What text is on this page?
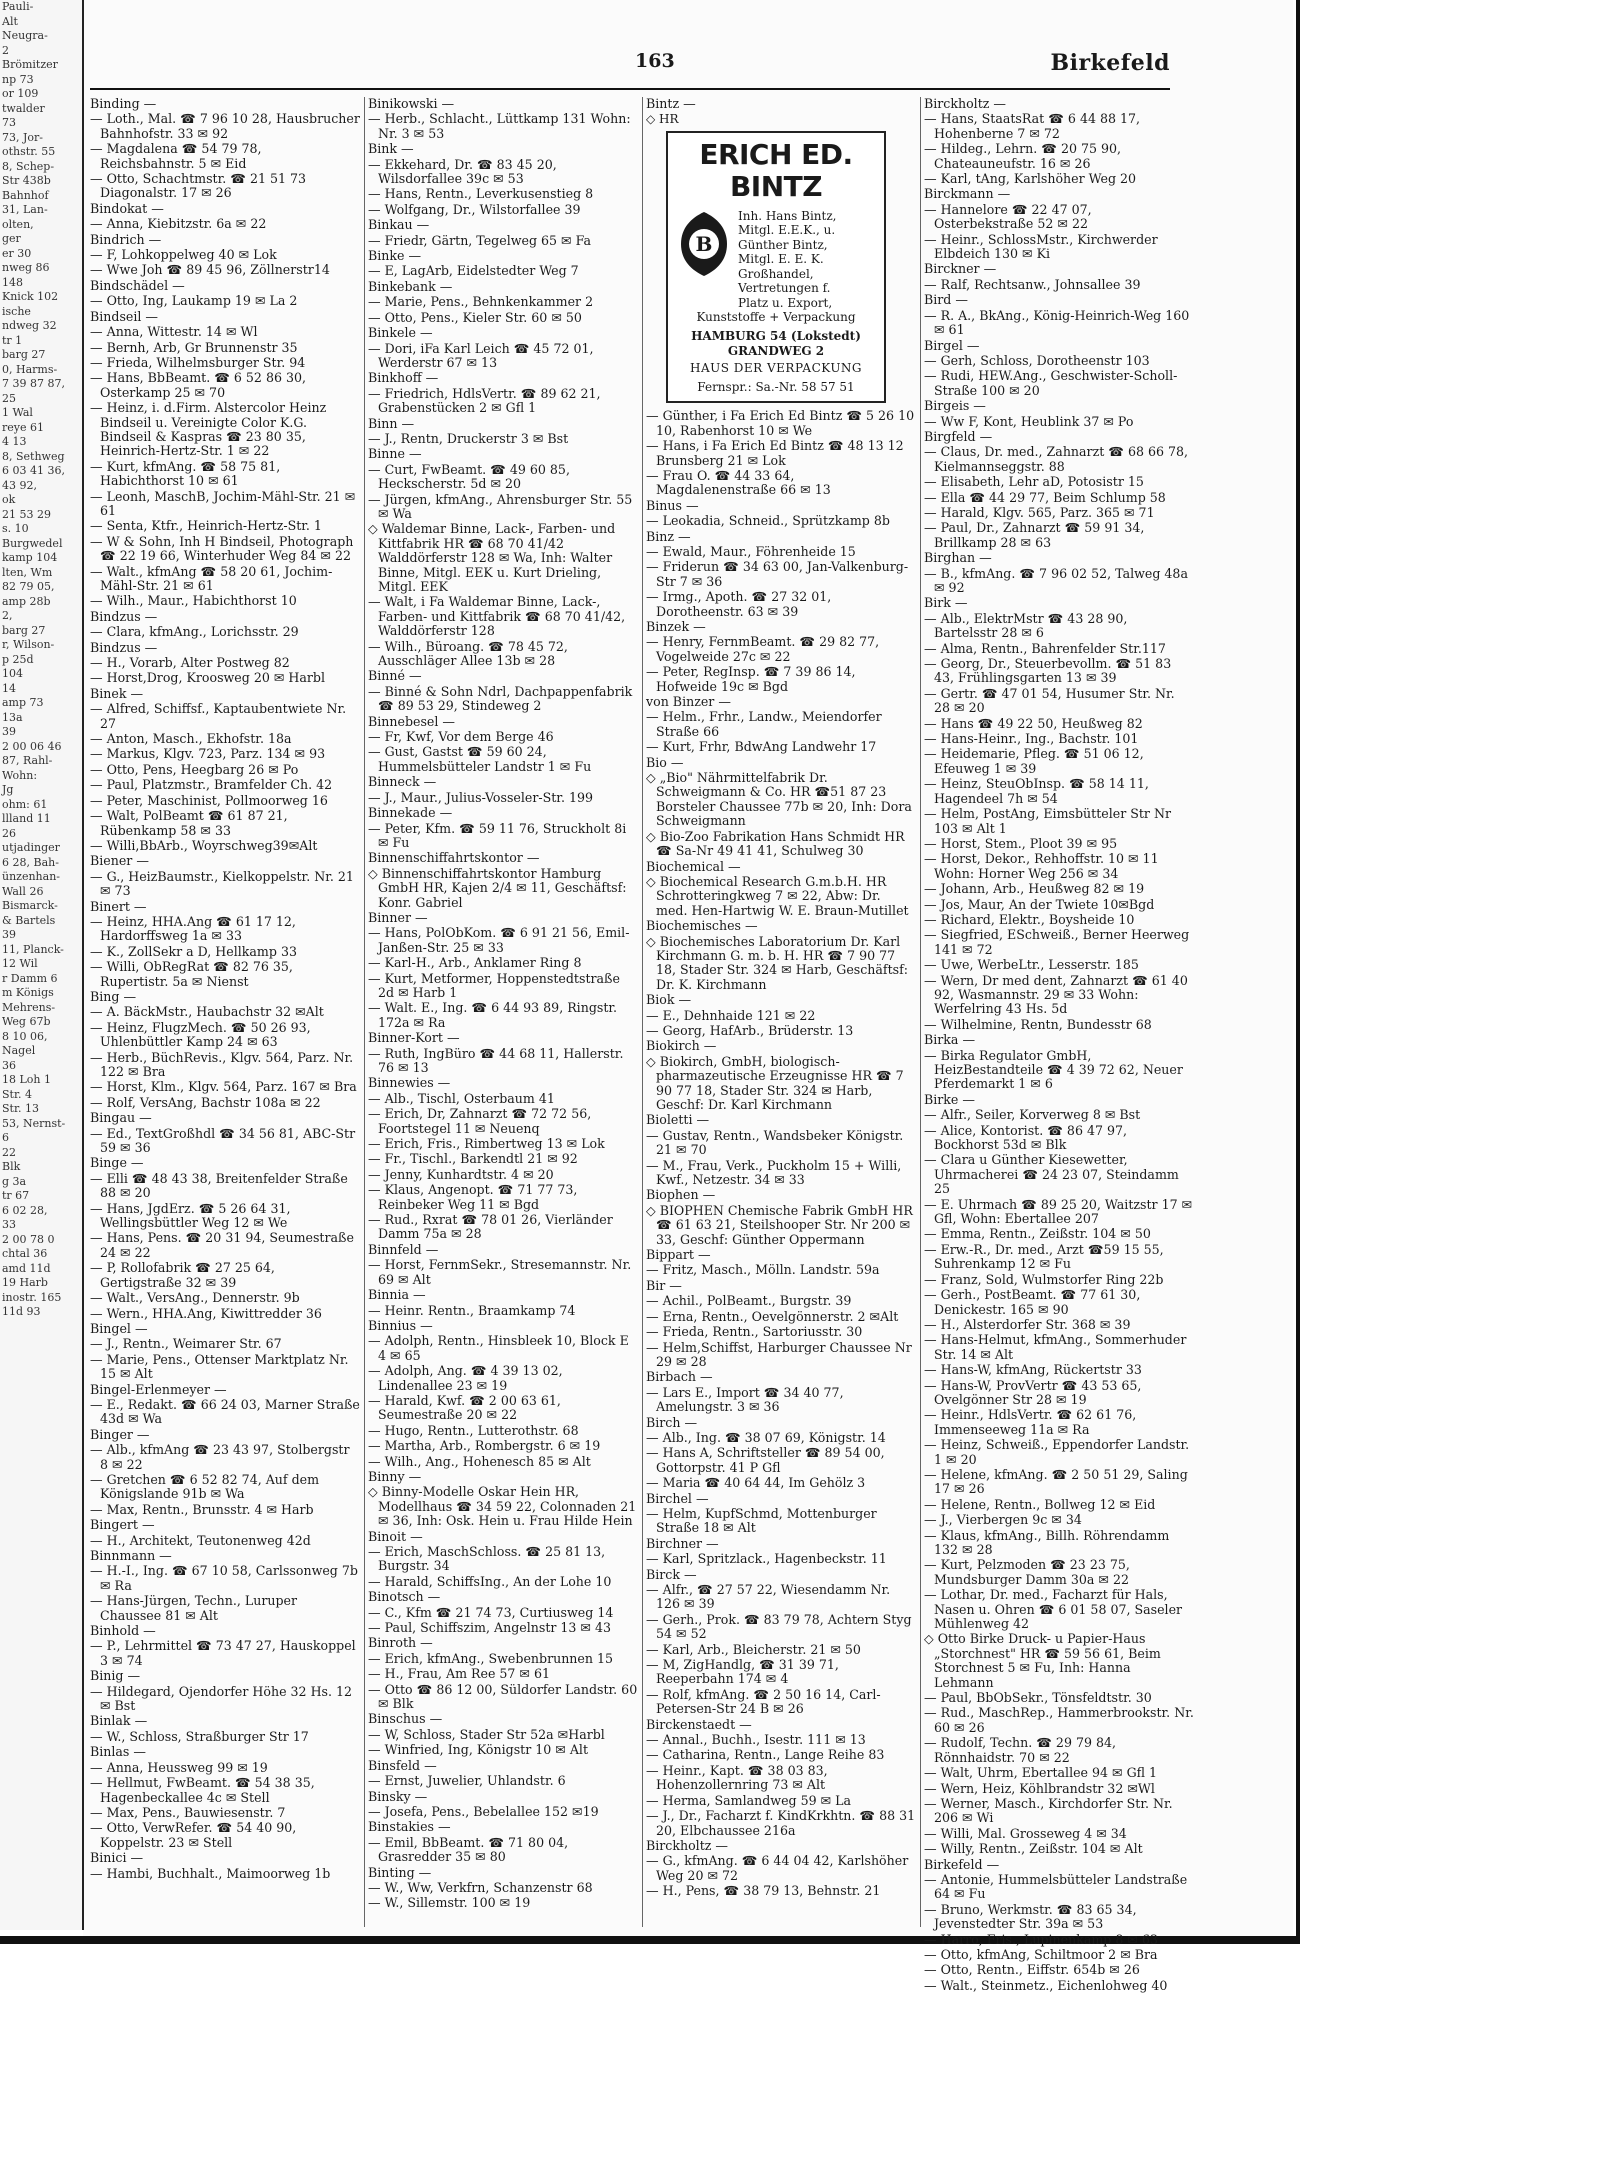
Pauli-
Alt
Neugra-
2
Brömitzer
np 73
or 109
twalder
73
73, Jor-
othstr. 55
8, Schep-
Str 438b
Bahnhof
31, Lan-
olten,
ger
er 30
nweg 86
148
Knick 102
ische
ndweg 32
tr 1
barg 27
0, Harms-
7 39 87 87,
25
1 Wal
reye 61
4 13
8, Sethweg
6 03 41 36,
43 92,
ok
21 53 29
s. 10
Burgwedel
kamp 104
lten, Wm
82 79 05,
amp 28b
2,
barg 27
r, Wilson-
p 25d
104
14
amp 73
13a
39
2 00 06 46
87, Rahl-
Wohn:
Jg
ohm: 61
llland 11
26
utjadinger
6 28, Bah-
ünzenhan-
Wall 26
Bismarck-
& Bartels
39
11, Planck-
12 Wil
r Damm 6
m Königs
Mehrens-
Weg 67b
8 10 06,
Nagel
36
18 Loh 1
Str. 4
Str. 13
53, Nernst-
6
22
Blk
g 3a
tr 67
6 02 28,
33
2 00 78 0
chtal 36
amd 11d
19 Harb
inostr. 165
11d 93
163	Birkefeld
Binding —
— Loth., Mal. ☎ 7 96 10 28, Hausbrucher Bahnhofstr. 33 ✉ 92
— Magdalena ☎ 54 79 78, Reichsbahnstr. 5 ✉ Eid
— Otto, Schachtmstr. ☎ 21 51 73 Diagonalstr. 17 ✉ 26
Bindokat —
— Anna, Kiebitzstr. 6a ✉ 22
Bindrich —
— F, Lohkoppelweg 40 ✉ Lok
— Wwe Joh ☎ 89 45 96, Zöllnerstr14
Bindschädel —
— Otto, Ing, Laukamp 19 ✉ La 2
Bindseil —
— Anna, Wittestr. 14 ✉ Wl
— Bernh, Arb, Gr Brunnenstr 35
— Frieda, Wilhelmsburger Str. 94
— Hans, BbBeamt. ☎ 6 52 86 30, Osterkamp 25 ✉ 70
— Heinz, i. d.Firm. Alstercolor Heinz Bindseil u. Vereinigte Color K.G. Bindseil & Kaspras ☎ 23 80 35, Heinrich-Hertz-Str. 1 ✉ 22
— Kurt, kfmAng. ☎ 58 75 81, Habichthorst 10 ✉ 61
— Leonh, MaschB, Jochim-Mähl-Str. 21 ✉ 61
— Senta, Ktfr., Heinrich-Hertz-Str. 1
— W & Sohn, Inh H Bindseil, Photograph ☎ 22 19 66, Winterhuder Weg 84 ✉ 22
— Walt., kfmAng ☎ 58 20 61, Jochim-Mähl-Str. 21 ✉ 61
— Wilh., Maur., Habichthorst 10
Bindzus —
— Clara, kfmAng., Lorichsstr. 29
Bindzus —
— H., Vorarb, Alter Postweg 82
— Horst,Drog, Kroosweg 20 ✉ Harbl
Binek —
— Alfred, Schiffsf., Kaptaubentwiete Nr. 27
— Anton, Masch., Ekhofstr. 18a
— Markus, Klgv. 723, Parz. 134 ✉ 93
— Otto, Pens, Heegbarg 26 ✉ Po
— Paul, Platzmstr., Bramfelder Ch. 42
— Peter, Maschinist, Pollmoorweg 16
— Walt, PolBeamt ☎ 61 87 21, Rübenkamp 58 ✉ 33
— Willi,BbArb., Woyrschweg39✉Alt
Biener —
— G., HeizBaumstr., Kielkoppelstr. Nr. 21 ✉ 73
Binert —
— Heinz, HHA.Ang ☎ 61 17 12, Hardorffsweg 1a ✉ 33
— K., ZollSekr a D, Hellkamp 33
— Willi, ObRegRat ☎ 82 76 35, Rupertistr. 5a ✉ Nienst
Bing —
— A. BäckMstr., Haubachstr 32 ✉Alt
— Heinz, FlugzMech. ☎ 50 26 93, Uhlenbüttler Kamp 24 ✉ 63
— Herb., BüchRevis., Klgv. 564, Parz. Nr. 122 ✉ Bra
— Horst, Klm., Klgv. 564, Parz. 167 ✉ Bra
— Rolf, VersAng, Bachstr 108a ✉ 22
Bingau —
— Ed., TextGroßhdl ☎ 34 56 81, ABC-Str 59 ✉ 36
Binge —
— Elli ☎ 48 43 38, Breitenfelder Straße 88 ✉ 20
— Hans, JgdErz. ☎ 5 26 64 31, Wellingsbüttler Weg 12 ✉ We
— Hans, Pens. ☎ 20 31 94, Seumestraße 24 ✉ 22
— P, Rollofabrik ☎ 27 25 64, Gertigstraße 32 ✉ 39
— Walt., VersAng., Dennerstr. 9b
— Wern., HHA.Ang, Kiwittredder 36
Bingel —
— J., Rentn., Weimarer Str. 67
— Marie, Pens., Ottenser Marktplatz Nr. 15 ✉ Alt
Bingel-Erlenmeyer —
— E., Redakt. ☎ 66 24 03, Marner Straße 43d ✉ Wa
Binger —
— Alb., kfmAng ☎ 23 43 97, Stolbergstr 8 ✉ 22
— Gretchen ☎ 6 52 82 74, Auf dem Königslande 91b ✉ Wa
— Max, Rentn., Brunsstr. 4 ✉ Harb
Bingert —
— H., Architekt, Teutonenweg 42d
Binnmann —
— H.-I., Ing. ☎ 67 10 58, Carlssonweg 7b ✉ Ra
— Hans-Jürgen, Techn., Luruper Chaussee 81 ✉ Alt
Binhold —
— P., Lehrmittel ☎ 73 47 27, Hauskoppel 3 ✉ 74
Binig —
— Hildegard, Ojendorfer Höhe 32 Hs. 12 ✉ Bst
Binlak —
— W., Schloss, Straßburger Str 17
Binlas —
— Anna, Heussweg 99 ✉ 19
— Hellmut, FwBeamt. ☎ 54 38 35, Hagenbeckallee 4c ✉ Stell
— Max, Pens., Bauwiesenstr. 7
— Otto, VerwRefer. ☎ 54 40 90, Koppelstr. 23 ✉ Stell
Binici —
— Hambi, Buchhalt., Maimoorweg 1b
Binikowski —
— Herb., Schlacht., Lüttkamp 131 Wohn: Nr. 3 ✉ 53
Bink —
— Ekkehard, Dr. ☎ 83 45 20, Wilsdorfallee 39c ✉ 53
— Hans, Rentn., Leverkusenstieg 8
— Wolfgang, Dr., Wilstorfallee 39
Binkau —
— Friedr, Gärtn, Tegelweg 65 ✉ Fa
Binke —
— E, LagArb, Eidelstedter Weg 7
Binkebank —
— Marie, Pens., Behnkenkammer 2
— Otto, Pens., Kieler Str. 60 ✉ 50
Binkele —
— Dori, iFa Karl Leich ☎ 45 72 01, Werderstr 67 ✉ 13
Binkhoff —
— Friedrich, HdlsVertr. ☎ 89 62 21, Grabenstücken 2 ✉ Gfl 1
Binn —
— J., Rentn, Druckerstr 3 ✉ Bst
Binne —
— Curt, FwBeamt. ☎ 49 60 85, Heckscherstr. 5d ✉ 20
— Jürgen, kfmAng., Ahrensburger Str. 55 ✉ Wa
◇ Waldemar Binne, Lack-, Farben- und Kittfabrik HR ☎ 68 70 41/42 Walddörferstr 128 ✉ Wa, Inh: Walter Binne, Mitgl. EEK u. Kurt Drieling, Mitgl. EEK
— Walt, i Fa Waldemar Binne, Lack-, Farben- und Kittfabrik ☎ 68 70 41/42, Walddörferstr 128
— Wilh., Büroang. ☎ 78 45 72, Ausschläger Allee 13b ✉ 28
Binné —
— Binné & Sohn Ndrl, Dachpappenfabrik ☎ 89 53 29, Stindeweg 2
Binnebesel —
— Fr, Kwf, Vor dem Berge 46
— Gust, Gastst ☎ 59 60 24, Hummelsbütteler Landstr 1 ✉ Fu
Binneck —
— J., Maur., Julius-Vosseler-Str. 199
Binnekade —
— Peter, Kfm. ☎ 59 11 76, Struckholt 8i ✉ Fu
Binnenschiffahrtskontor —
◇ Binnenschiffahrtskontor Hamburg GmbH HR, Kajen 2/4 ✉ 11, Geschäftsf: Konr. Gabriel
Binner —
— Hans, PolObKom. ☎ 6 91 21 56, Emil-Janßen-Str. 25 ✉ 33
— Karl-H., Arb., Anklamer Ring 8
— Kurt, Metformer, Hoppenstedtstraße 2d ✉ Harb 1
— Walt. E., Ing. ☎ 6 44 93 89, Ringstr. 172a ✉ Ra
Binner-Kort —
— Ruth, IngBüro ☎ 44 68 11, Hallerstr. 76 ✉ 13
Binnewies —
— Alb., Tischl, Osterbaum 41
— Erich, Dr, Zahnarzt ☎ 72 72 56, Foortstegel 11 ✉ Neuenq
— Erich, Fris., Rimbertweg 13 ✉ Lok
— Fr., Tischl., Barkendtl 21 ✉ 92
— Jenny, Kunhardtstr. 4 ✉ 20
— Klaus, Angenopt. ☎ 71 77 73, Reinbeker Weg 11 ✉ Bgd
— Rud., Rxrat ☎ 78 01 26, Vierländer Damm 75a ✉ 28
Binnfeld —
— Horst, FernmSekr., Stresemannstr. Nr. 69 ✉ Alt
Binnia —
— Heinr. Rentn., Braamkamp 74
Binnius —
— Adolph, Rentn., Hinsbleek 10, Block E 4 ✉ 65
— Adolph, Ang. ☎ 4 39 13 02, Lindenallee 23 ✉ 19
— Harald, Kwf. ☎ 2 00 63 61, Seumestraße 20 ✉ 22
— Hugo, Rentn., Lutterothstr. 68
— Martha, Arb., Rombergstr. 6 ✉ 19
— Wilh., Ang., Hohenesch 85 ✉ Alt
Binny —
◇ Binny-Modelle Oskar Hein HR, Modellhaus ☎ 34 59 22, Colonnaden 21 ✉ 36, Inh: Osk. Hein u. Frau Hilde Hein
Binoit —
— Erich, MaschSchloss. ☎ 25 81 13, Burgstr. 34
— Harald, SchiffsIng., An der Lohe 10
Binotsch —
— C., Kfm ☎ 21 74 73, Curtiusweg 14
— Paul, Schiffszim, Angelnstr 13 ✉ 43
Binroth —
— Erich, kfmAng., Swebenbrunnen 15
— H., Frau, Am Ree 57 ✉ 61
— Otto ☎ 86 12 00, Süldorfer Landstr. 60 ✉ Blk
Binschus —
— W, Schloss, Stader Str 52a ✉Harbl
— Winfried, Ing, Königstr 10 ✉ Alt
Binsfeld —
— Ernst, Juwelier, Uhlandstr. 6
Binsky —
— Josefa, Pens., Bebelallee 152 ✉19
Binstakies —
— Emil, BbBeamt. ☎ 71 80 04, Grasredder 35 ✉ 80
Binting —
— W., Ww, Verkfrn, Schanzenstr 68
— W., Sillemstr. 100 ✉ 19
Bintz —
◇ HR
ERICH ED. BINTZ
B
Inh. Hans Bintz,
Mitgl. E.E.K., u.
Günther Bintz,
Mitgl. E. E. K.
Großhandel,
Vertretungen f.
Platz u. Export,
Kunststoffe + Verpackung
HAMBURG 54 (Lokstedt)
GRANDWEG 2
HAUS DER VERPACKUNG
Fernspr.: Sa.-Nr. 58 57 51
— Günther, i Fa Erich Ed Bintz ☎ 5 26 10 10, Rabenhorst 10 ✉ We
— Hans, i Fa Erich Ed Bintz ☎ 48 13 12 Brunsberg 21 ✉ Lok
— Frau O. ☎ 44 33 64, Magdalenenstraße 66 ✉ 13
Binus —
— Leokadia, Schneid., Sprützkamp 8b
Binz —
— Ewald, Maur., Föhrenheide 15
— Friderun ☎ 34 63 00, Jan-Valkenburg-Str 7 ✉ 36
— Irmg., Apoth. ☎ 27 32 01, Dorotheenstr. 63 ✉ 39
Binzek —
— Henry, FernmBeamt. ☎ 29 82 77, Vogelweide 27c ✉ 22
— Peter, RegInsp. ☎ 7 39 86 14, Hofweide 19c ✉ Bgd
von Binzer —
— Helm., Frhr., Landw., Meiendorfer Straße 66
— Kurt, Frhr, BdwAng Landwehr 17
Bio —
◇ „Bio" Nährmittelfabrik Dr. Schweigmann & Co. HR ☎51 87 23 Borsteler Chaussee 77b ✉ 20, Inh: Dora Schweigmann
◇ Bio-Zoo Fabrikation Hans Schmidt HR ☎ Sa-Nr 49 41 41, Schulweg 30
Biochemical —
◇ Biochemical Research G.m.b.H. HR Schrotteringkweg 7 ✉ 22, Abw: Dr. med. Hen-Hartwig W. E. Braun-Mutillet
Biochemisches —
◇ Biochemisches Laboratorium Dr. Karl Kirchmann G. m. b. H. HR ☎ 7 90 77 18, Stader Str. 324 ✉ Harb, Geschäftsf: Dr. K. Kirchmann
Biok —
— E., Dehnhaide 121 ✉ 22
— Georg, HafArb., Brüderstr. 13
Biokirch —
◇ Biokirch, GmbH, biologisch-pharmazeutische Erzeugnisse HR ☎ 7 90 77 18, Stader Str. 324 ✉ Harb, Geschf: Dr. Karl Kirchmann
Bioletti —
— Gustav, Rentn., Wandsbeker Königstr. 21 ✉ 70
— M., Frau, Verk., Puckholm 15 + Willi, Kwf., Netzestr. 34 ✉ 33
Biophen —
◇ BIOPHEN Chemische Fabrik GmbH HR ☎ 61 63 21, Steilshooper Str. Nr 200 ✉ 33, Geschf: Günther Oppermann
Bippart —
— Fritz, Masch., Mölln. Landstr. 59a
Bir —
— Achil., PolBeamt., Burgstr. 39
— Erna, Rentn., Oevelgönnerstr. 2 ✉Alt
— Frieda, Rentn., Sartoriusstr. 30
— Helm,Schiffst, Harburger Chaussee Nr 29 ✉ 28
Birbach —
— Lars E., Import ☎ 34 40 77, Amelungstr. 3 ✉ 36
Birch —
— Alb., Ing. ☎ 38 07 69, Königstr. 14
— Hans A, Schriftsteller ☎ 89 54 00, Gottorpstr. 41 P Gfl
— Maria ☎ 40 64 44, Im Gehölz 3
Birchel —
— Helm, KupfSchmd, Mottenburger Straße 18 ✉ Alt
Birchner —
— Karl, Spritzlack., Hagenbeckstr. 11
Birck —
— Alfr., ☎ 27 57 22, Wiesendamm Nr. 126 ✉ 39
— Gerh., Prok. ☎ 83 79 78, Achtern Styg 54 ✉ 52
— Karl, Arb., Bleicherstr. 21 ✉ 50
— M, ZigHandlg, ☎ 31 39 71, Reeperbahn 174 ✉ 4
— Rolf, kfmAng. ☎ 2 50 16 14, Carl-Petersen-Str 24 B ✉ 26
Birckenstaedt —
— Annal., Buchh., Isestr. 111 ✉ 13
— Catharina, Rentn., Lange Reihe 83
— Heinr., Kapt. ☎ 38 03 83, Hohenzollernring 73 ✉ Alt
— Herma, Samlandweg 59 ✉ La
— J., Dr., Facharzt f. KindKrkhtn. ☎ 88 31 20, Elbchaussee 216a
Birckholtz —
— G., kfmAng. ☎ 6 44 04 42, Karlshöher Weg 20 ✉ 72
— H., Pens, ☎ 38 79 13, Behnstr. 21
Birckholtz —
— Hans, StaatsRat ☎ 6 44 88 17, Hohenberne 7 ✉ 72
— Hildeg., Lehrn. ☎ 20 75 90, Chateauneufstr. 16 ✉ 26
— Karl, tAng, Karlshöher Weg 20
Birckmann —
— Hannelore ☎ 22 47 07, Osterbekstraße 52 ✉ 22
— Heinr., SchlossMstr., Kirchwerder Elbdeich 130 ✉ Ki
Birckner —
— Ralf, Rechtsanw., Johnsallee 39
Bird —
— R. A., BkAng., König-Heinrich-Weg 160 ✉ 61
Birgel —
— Gerh, Schloss, Dorotheenstr 103
— Rudi, HEW.Ang., Geschwister-Scholl-Straße 100 ✉ 20
Birgeis —
— Ww F, Kont, Heublink 37 ✉ Po
Birgfeld —
— Claus, Dr. med., Zahnarzt ☎ 68 66 78, Kielmannseggstr. 88
— Elisabeth, Lehr aD, Potosistr 15
— Ella ☎ 44 29 77, Beim Schlump 58
— Harald, Klgv. 565, Parz. 365 ✉ 71
— Paul, Dr., Zahnarzt ☎ 59 91 34, Brillkamp 28 ✉ 63
Birghan —
— B., kfmAng. ☎ 7 96 02 52, Talweg 48a ✉ 92
Birk —
— Alb., ElektrMstr ☎ 43 28 90, Bartelsstr 28 ✉ 6
— Alma, Rentn., Bahrenfelder Str.117
— Georg, Dr., Steuerbevollm. ☎ 51 83 43, Frühlingsgarten 13 ✉ 39
— Gertr. ☎ 47 01 54, Husumer Str. Nr. 28 ✉ 20
— Hans ☎ 49 22 50, Heußweg 82
— Hans-Heinr., Ing., Bachstr. 101
— Heidemarie, Pfleg. ☎ 51 06 12, Efeuweg 1 ✉ 39
— Heinz, SteuObInsp. ☎ 58 14 11, Hagendeel 7h ✉ 54
— Helm, PostAng, Eimsbütteler Str Nr 103 ✉ Alt 1
— Horst, Stem., Ploot 39 ✉ 95
— Horst, Dekor., Rehhoffstr. 10 ✉ 11 Wohn: Horner Weg 256 ✉ 34
— Johann, Arb., Heußweg 82 ✉ 19
— Jos, Maur, An der Twiete 10✉Bgd
— Richard, Elektr., Boysheide 10
— Siegfried, ESchweiß., Berner Heerweg 141 ✉ 72
— Uwe, WerbeLtr., Lesserstr. 185
— Wern, Dr med dent, Zahnarzt ☎ 61 40 92, Wasmannstr. 29 ✉ 33 Wohn: Werfelring 43 Hs. 5d
— Wilhelmine, Rentn, Bundesstr 68
Birka —
— Birka Regulator GmbH, HeizBestandteile ☎ 4 39 72 62, Neuer Pferdemarkt 1 ✉ 6
Birke —
— Alfr., Seiler, Korverweg 8 ✉ Bst
— Alice, Kontorist. ☎ 86 47 97, Bockhorst 53d ✉ Blk
— Clara u Günther Kiesewetter, Uhrmacherei ☎ 24 23 07, Steindamm 25
— E. Uhrmach ☎ 89 25 20, Waitzstr 17 ✉ Gfl, Wohn: Ebertallee 207
— Emma, Rentn., Zeißstr. 104 ✉ 50
— Erw.-R., Dr. med., Arzt ☎59 15 55, Suhrenkamp 12 ✉ Fu
— Franz, Sold, Wulmstorfer Ring 22b
— Gerh., PostBeamt. ☎ 77 61 30, Denickestr. 165 ✉ 90
— H., Alsterdorfer Str. 368 ✉ 39
— Hans-Helmut, kfmAng., Sommerhuder Str. 14 ✉ Alt
— Hans-W, kfmAng, Rückertstr 33
— Hans-W, ProvVertr ☎ 43 53 65, Ovelgönner Str 28 ✉ 19
— Heinr., HdlsVertr. ☎ 62 61 76, Immenseeweg 11a ✉ Ra
— Heinz, Schweiß., Eppendorfer Landstr. 1 ✉ 20
— Helene, kfmAng. ☎ 2 50 51 29, Saling 17 ✉ 26
— Helene, Rentn., Bollweg 12 ✉ Eid
— J., Vierbergen 9c ✉ 34
— Klaus, kfmAng., Billh. Röhrendamm 132 ✉ 28
— Kurt, Pelzmoden ☎ 23 23 75, Mundsburger Damm 30a ✉ 22
— Lothar, Dr. med., Facharzt für Hals, Nasen u. Ohren ☎ 6 01 58 07, Saseler Mühlenweg 42
◇ Otto Birke Druck- u Papier-Haus „Storchnest" HR ☎ 59 56 61, Beim Storchnest 5 ✉ Fu, Inh: Hanna Lehmann
— Paul, BbObSekr., Tönsfeldtstr. 30
— Rud., MaschRep., Hammerbrookstr. Nr. 60 ✉ 26
— Rudolf, Techn. ☎ 29 79 84, Rönnhaidstr. 70 ✉ 22
— Walt, Uhrm, Ebertallee 94 ✉ Gfl 1
— Wern, Heiz, Köhlbrandstr 32 ✉Wl
— Werner, Masch., Kirchdorfer Str. Nr. 206 ✉ Wi
— Willi, Mal. Grosseweg 4 ✉ 34
— Willy, Rentn., Zeißstr. 104 ✉ Alt
Birkefeld —
— Antonie, Hummelsbütteler Landstraße 64 ✉ Fu
— Bruno, Werkmstr. ☎ 83 65 34, Jevenstedter Str. 39a ✉ 53
— Harro, Fris., Lupinenkamp 8 ✉ 63
— Otto, kfmAng, Schiltmoor 2 ✉ Bra
— Otto, Rentn., Eiffstr. 654b ✉ 26
— Walt., Steinmetz., Eichenlohweg 40
